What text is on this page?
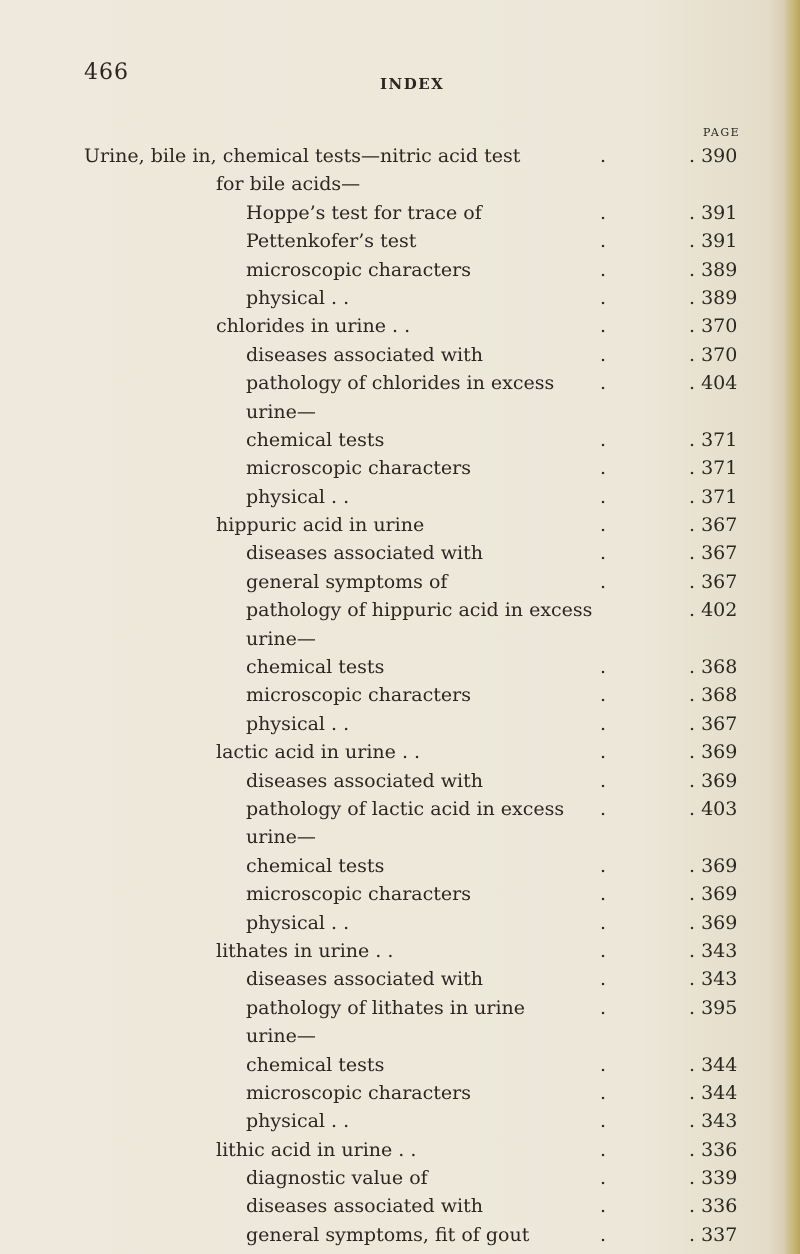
466	INDEX
PAGE
Urine, bile in, chemical tests—nitric acid test	.	. 390
for bile acids—
Hoppe’s test for trace of	.	. 391
Pettenkofer’s test	.	. 391
microscopic characters	.	. 389
physical . .	.	. 389
chlorides in urine . .	.	. 370
diseases associated with	.	. 370
pathology of chlorides in excess .	. 404
urine—
chemical tests	.	. 371
microscopic characters	.	. 371
physical . .	.	. 371
hippuric acid in urine	.	. 367
diseases associated with	.	. 367
general symptoms of	.	. 367
pathology of hippuric acid in excess	. 402
urine—
chemical tests	.	. 368
microscopic characters	.	. 368
physical . .	.	. 367
lactic acid in urine . .	.	. 369
diseases associated with	.	. 369
pathology of lactic acid in excess .	. 403
urine—
chemical tests	.	. 369
microscopic characters	.	. 369
physical . .	.	. 369
lithates in urine . .	.	. 343
diseases associated with	.	. 343
pathology of lithates in urine	.	. 395
urine—
chemical tests	.	. 344
microscopic characters	.	. 344
physical . .	.	. 343
lithic acid in urine . .	.	. 336
diagnostic value of	.	. 339
diseases associated with	.	. 336
general symptoms, fit of gout	.	. 337
